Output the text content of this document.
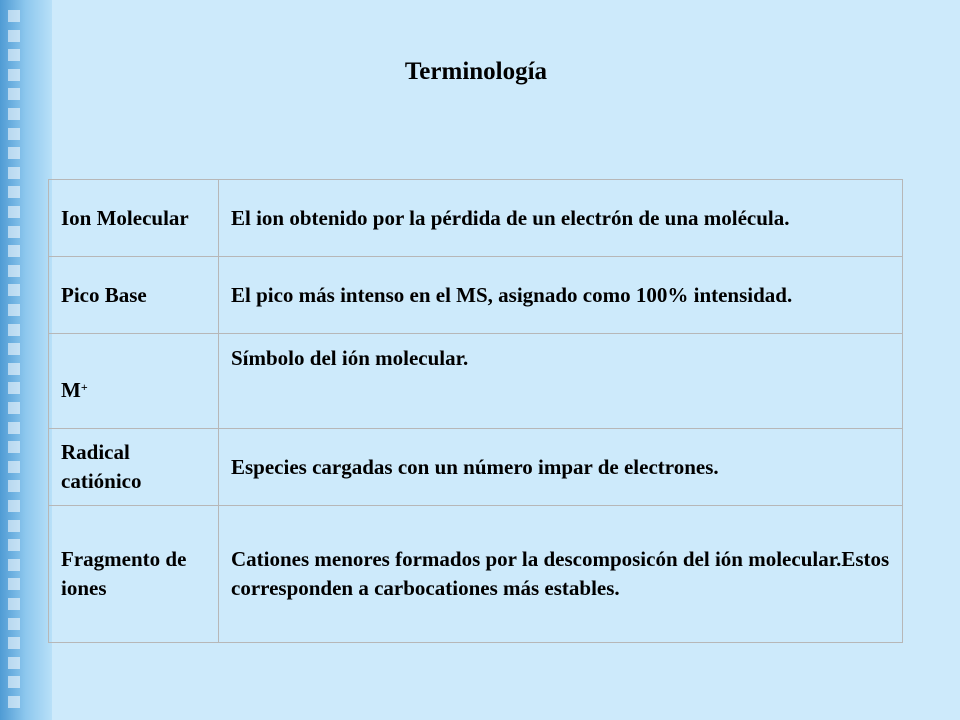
Terminología
Ion Molecular	El ion obtenido por la pérdida de un electrón de una molécula.
Pico Base	El pico más intenso en el MS, asignado como 100% intensidad.
M+	Símbolo del ión molecular.
Radical catiónico	Especies cargadas con un número impar de electrones.
Fragmento de iones	Cationes menores formados por la descomposicón del ión molecular.Estos corresponden a carbocationes más estables.
